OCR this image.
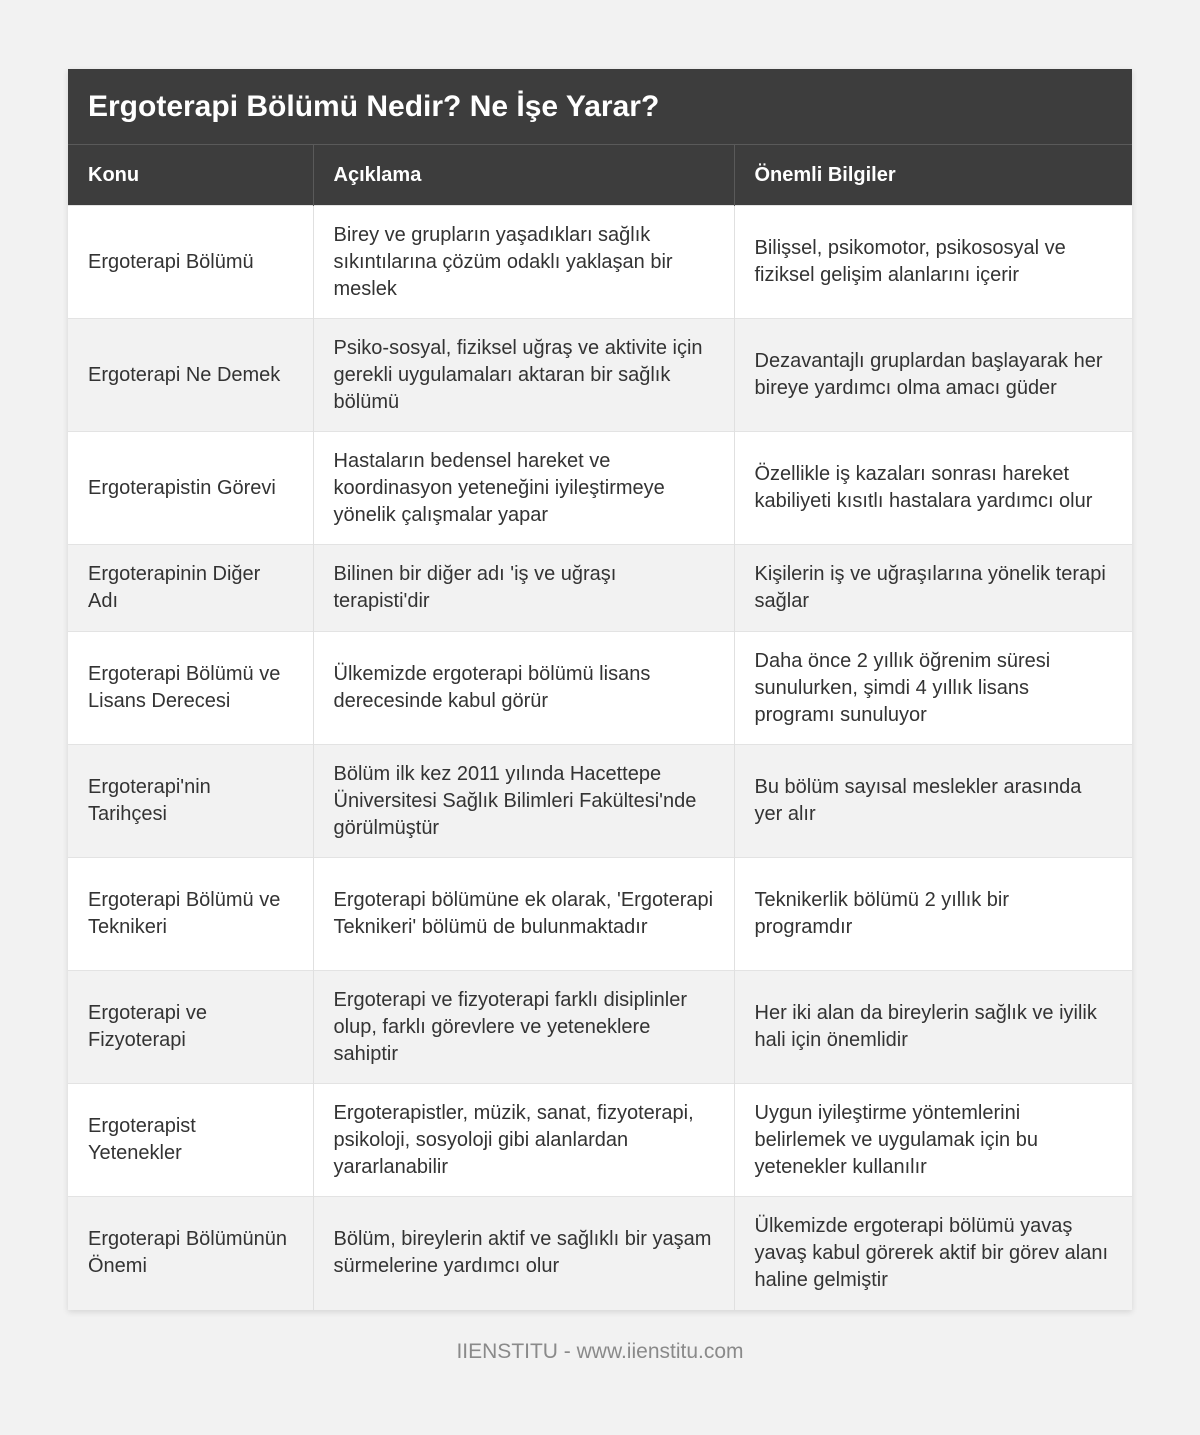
Ergoterapi Bölümü Nedir? Ne İşe Yarar?
Konu	Açıklama	Önemli Bilgiler
Ergoterapi Bölümü	Birey ve grupların yaşadıkları sağlık sıkıntılarına çözüm odaklı yaklaşan bir meslek	Bilişsel, psikomotor, psikososyal ve fiziksel gelişim alanlarını içerir
Ergoterapi Ne Demek	Psiko-sosyal, fiziksel uğraş ve aktivite için gerekli uygulamaları aktaran bir sağlık bölümü	Dezavantajlı gruplardan başlayarak her bireye yardımcı olma amacı güder
Ergoterapistin Görevi	Hastaların bedensel hareket ve koordinasyon yeteneğini iyileştirmeye yönelik çalışmalar yapar	Özellikle iş kazaları sonrası hareket kabiliyeti kısıtlı hastalara yardımcı olur
Ergoterapinin Diğer Adı	Bilinen bir diğer adı 'iş ve uğraşı terapisti'dir	Kişilerin iş ve uğraşılarına yönelik terapi sağlar
Ergoterapi Bölümü ve Lisans Derecesi	Ülkemizde ergoterapi bölümü lisans derecesinde kabul görür	Daha önce 2 yıllık öğrenim süresi sunulurken, şimdi 4 yıllık lisans programı sunuluyor
Ergoterapi'nin Tarihçesi	Bölüm ilk kez 2011 yılında Hacettepe Üniversitesi Sağlık Bilimleri Fakültesi'nde görülmüştür	Bu bölüm sayısal meslekler arasında yer alır
Ergoterapi Bölümü ve Teknikeri	Ergoterapi bölümüne ek olarak, 'Ergoterapi Teknikeri' bölümü de bulunmaktadır	Teknikerlik bölümü 2 yıllık bir programdır
Ergoterapi ve Fizyoterapi	Ergoterapi ve fizyoterapi farklı disiplinler olup, farklı görevlere ve yeteneklere sahiptir	Her iki alan da bireylerin sağlık ve iyilik hali için önemlidir
Ergoterapist Yetenekler	Ergoterapistler, müzik, sanat, fizyoterapi, psikoloji, sosyoloji gibi alanlardan yararlanabilir	Uygun iyileştirme yöntemlerini belirlemek ve uygulamak için bu yetenekler kullanılır
Ergoterapi Bölümünün Önemi	Bölüm, bireylerin aktif ve sağlıklı bir yaşam sürmelerine yardımcı olur	Ülkemizde ergoterapi bölümü yavaş yavaş kabul görerek aktif bir görev alanı haline gelmiştir
IIENSTITU - www.iienstitu.com
